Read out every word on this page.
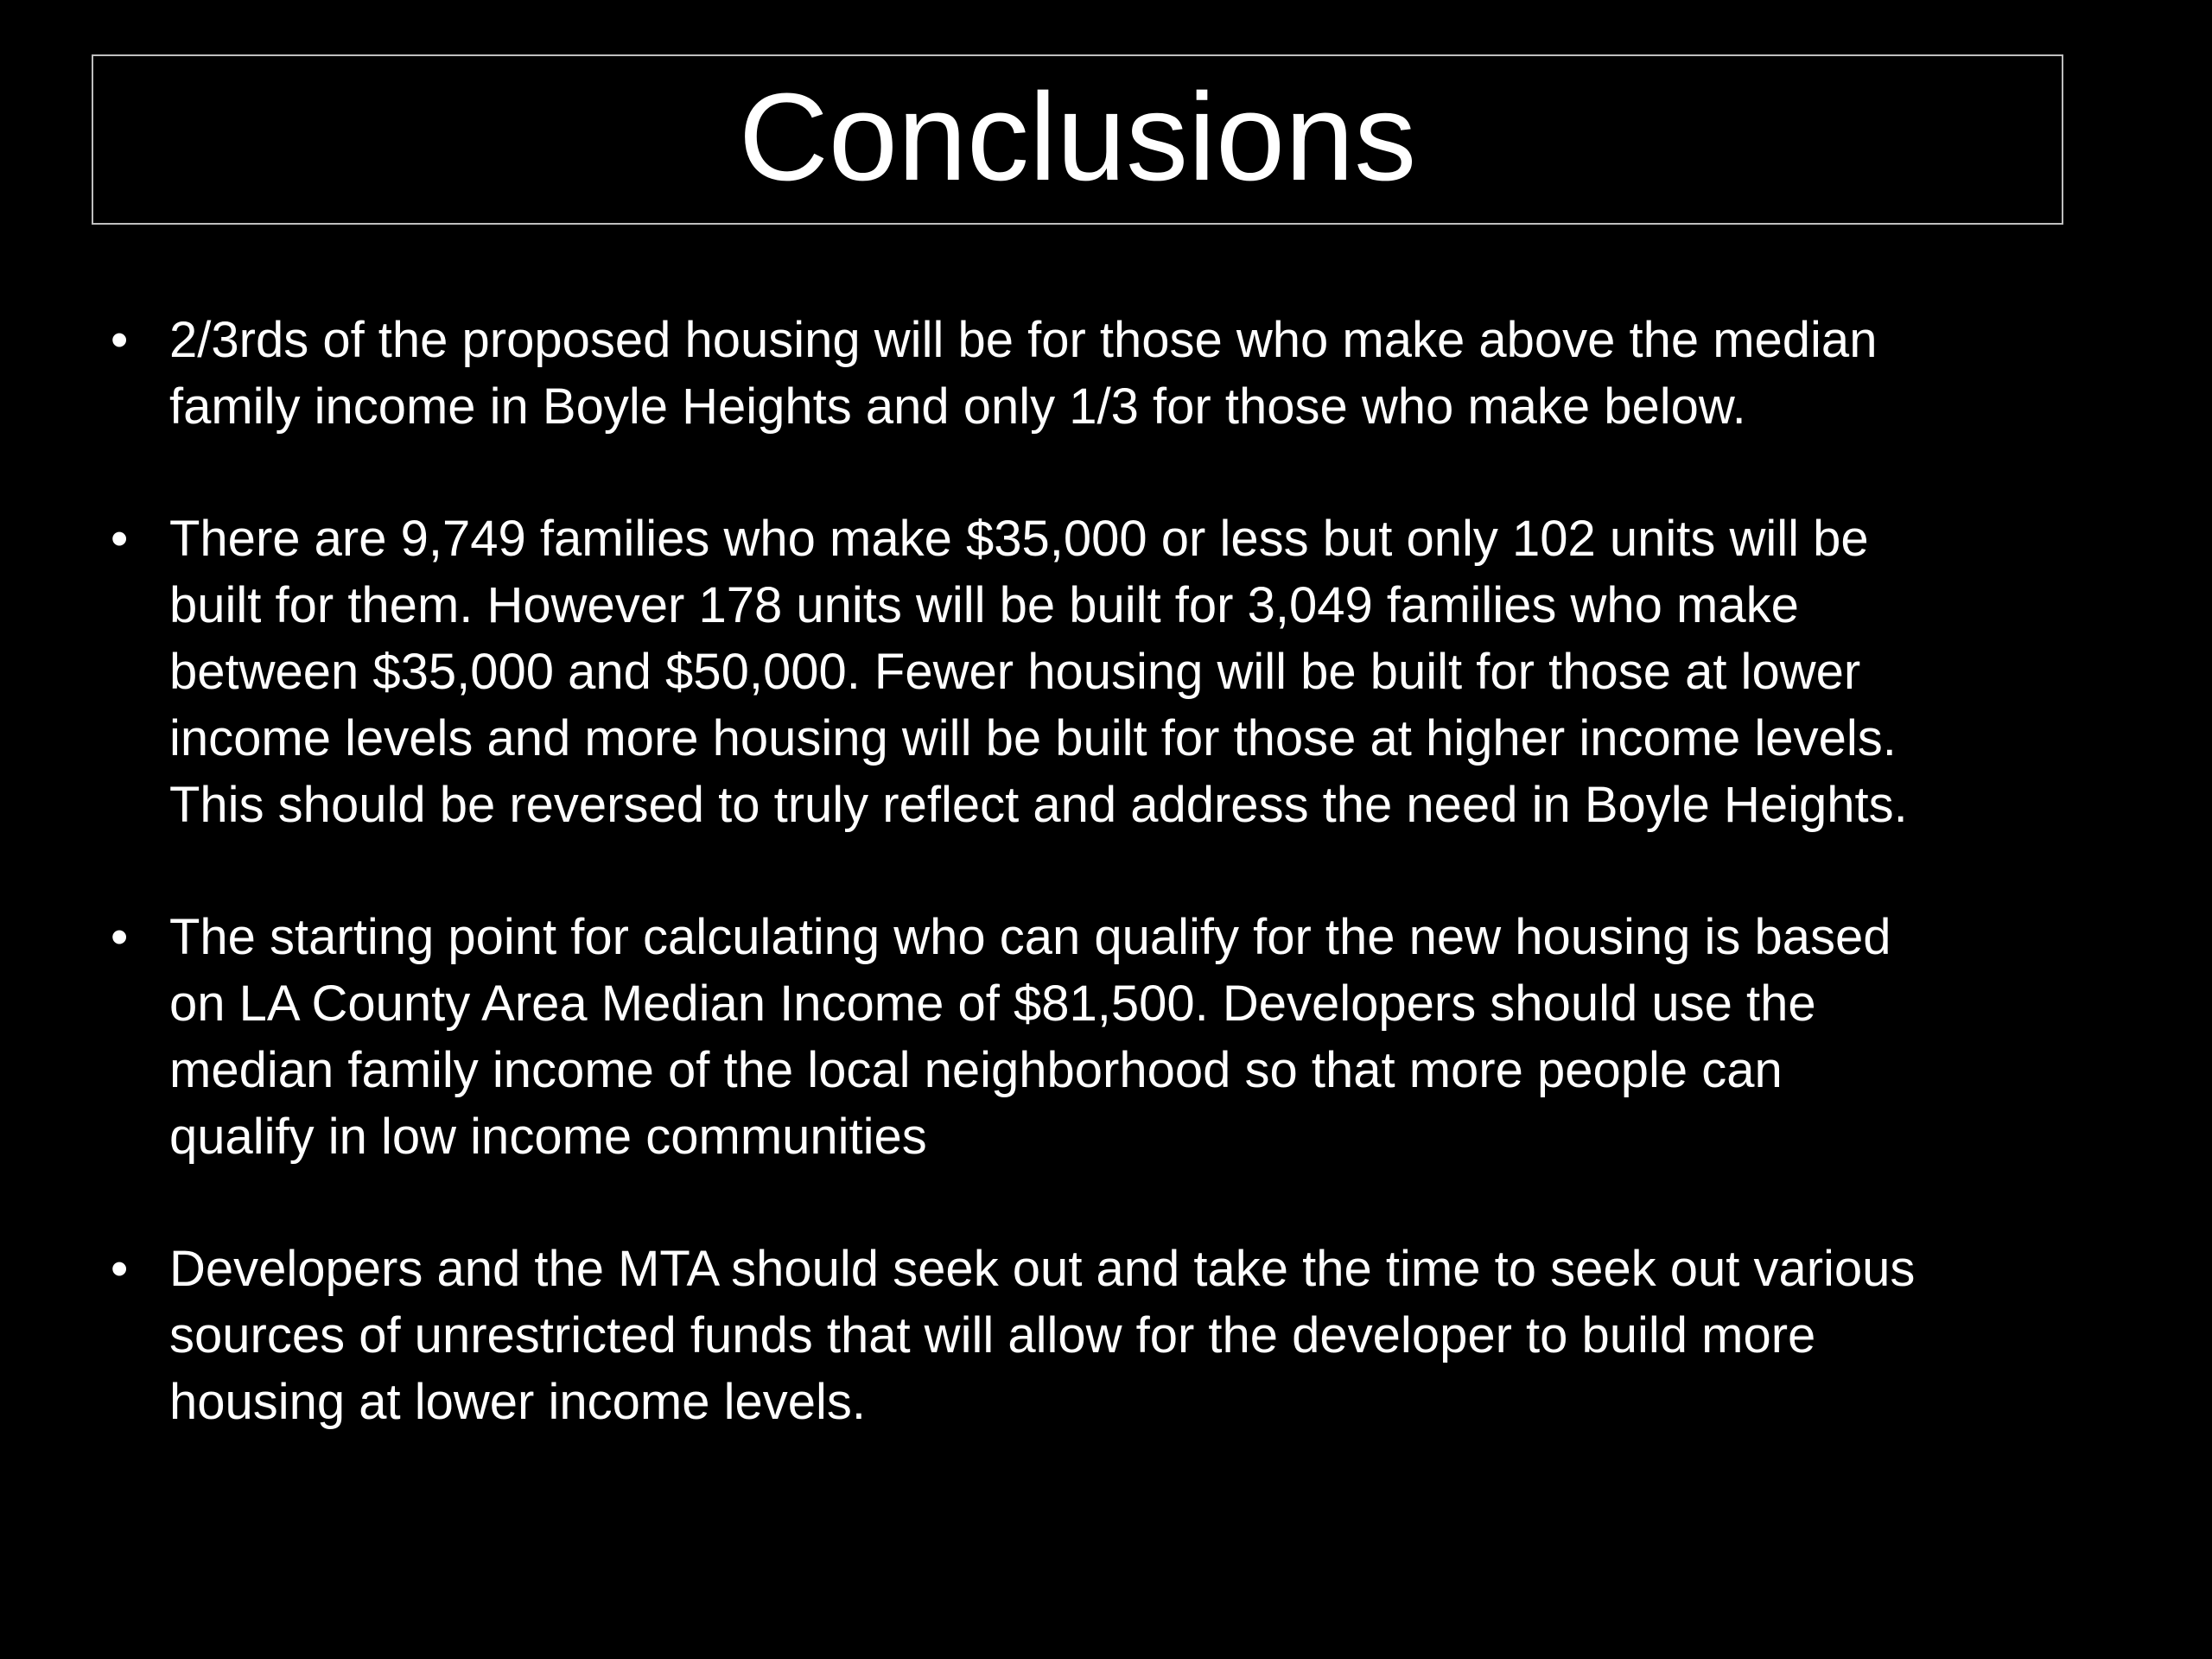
Conclusions
• 2/3rds of the proposed housing will be for those who make above the median
family income in Boyle Heights and only 1/3 for those who make below.
• There are 9,749 families who make $35,000 or less but only 102 units will be
built for them. However 178 units will be built for 3,049 families who make
between $35,000 and $50,000. Fewer housing will be built for those at lower
income levels and more housing will be built for those at higher income levels.
This should be reversed to truly reflect and address the need in Boyle Heights.
• The starting point for calculating who can qualify for the new housing is based
on LA County Area Median Income of $81,500. Developers should use the
median family income of the local neighborhood so that more people can
qualify in low income communities
• Developers and the MTA should seek out and take the time to seek out various
sources of unrestricted funds that will allow for the developer to build more
housing at lower income levels.
